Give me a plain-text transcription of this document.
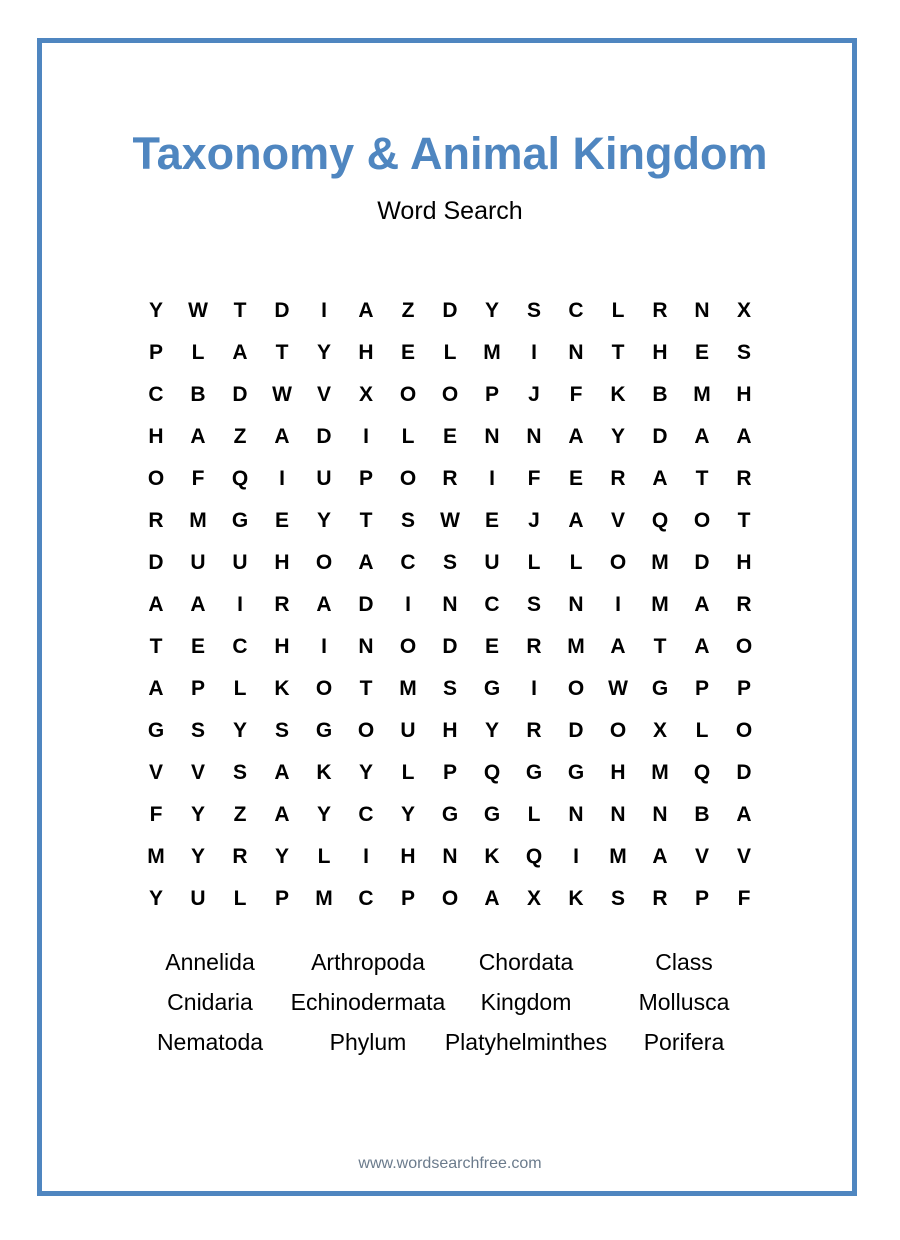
Taxonomy & Animal Kingdom
Word Search
Y	W	T	D	I	A	Z	D	Y	S	C	L	R	N	X
P	L	A	T	Y	H	E	L	M	I	N	T	H	E	S
C	B	D	W	V	X	O	O	P	J	F	K	B	M	H
H	A	Z	A	D	I	L	E	N	N	A	Y	D	A	A
O	F	Q	I	U	P	O	R	I	F	E	R	A	T	R
R	M	G	E	Y	T	S	W	E	J	A	V	Q	O	T
D	U	U	H	O	A	C	S	U	L	L	O	M	D	H
A	A	I	R	A	D	I	N	C	S	N	I	M	A	R
T	E	C	H	I	N	O	D	E	R	M	A	T	A	O
A	P	L	K	O	T	M	S	G	I	O	W	G	P	P
G	S	Y	S	G	O	U	H	Y	R	D	O	X	L	O
V	V	S	A	K	Y	L	P	Q	G	G	H	M	Q	D
F	Y	Z	A	Y	C	Y	G	G	L	N	N	N	B	A
M	Y	R	Y	L	I	H	N	K	Q	I	M	A	V	V
Y	U	L	P	M	C	P	O	A	X	K	S	R	P	F
Annelida	Arthropoda	Chordata	Class
Cnidaria	Echinodermata	Kingdom	Mollusca
Nematoda	Phylum	Platyhelminthes	Porifera
www.wordsearchfree.com
